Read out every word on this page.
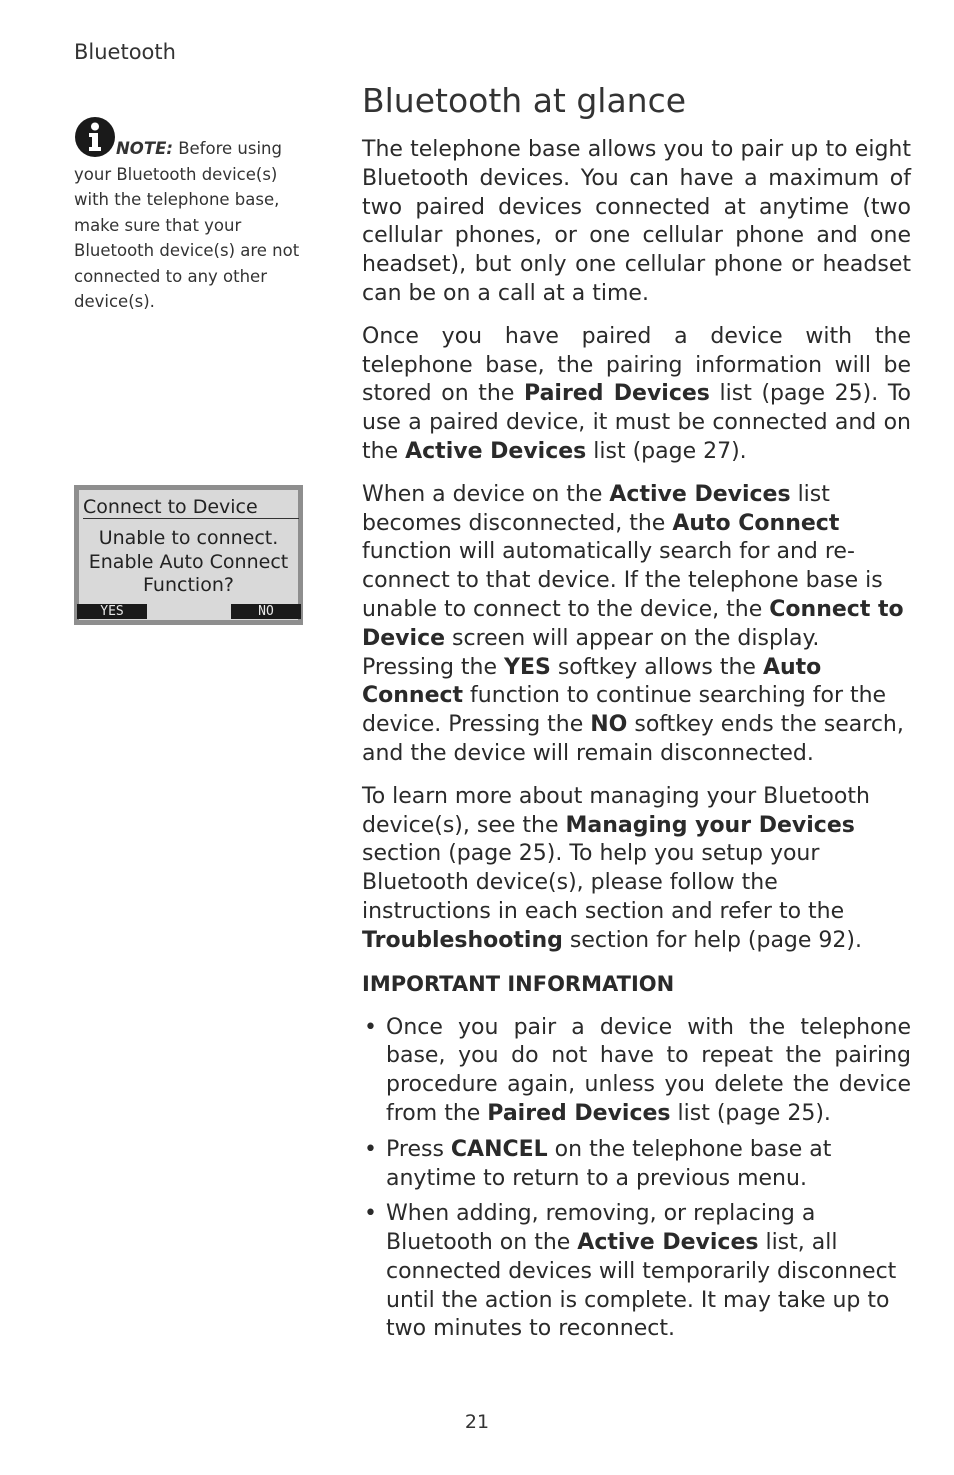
Bluetooth
NOTE: Before using
your Bluetooth device(s) with the telephone base, make sure that your Bluetooth device(s) are not connected to any other device(s).
Connect to Device
Unable to connect.
Enable Auto Connect
Function?
YES	NO
Bluetooth at glance

The telephone base allows you to pair up to eight Bluetooth devices. You can have a maximum of two paired devices connected at anytime (two cellular phones, or one cellular phone and one headset), but only one cellular phone or headset can be on a call at a time.

Once you have paired a device with the telephone base, the pairing information will be stored on the Paired Devices list (page 25). To use a paired device, it must be connected and on the Active Devices list (page 27).

When a device on the Active Devices list becomes disconnected, the Auto Connect function will automatically search for and re-connect to that device. If the telephone base is unable to connect to the device, the Connect to Device screen will appear on the display. Pressing the YES softkey allows the Auto Connect function to continue searching for the device. Pressing the NO softkey ends the search, and the device will remain disconnected.

To learn more about managing your Bluetooth device(s), see the Managing your Devices section (page 25). To help you setup your Bluetooth device(s), please follow the instructions in each section and refer to the Troubleshooting section for help (page 92).

IMPORTANT INFORMATION
• Once you pair a device with the telephone base, you do not have to repeat the pairing procedure again, unless you delete the device from the Paired Devices list (page 25).
• Press CANCEL on the telephone base at anytime to return to a previous menu.
• When adding, removing, or replacing a Bluetooth on the Active Devices list, all connected devices will temporarily disconnect until the action is complete. It may take up to two minutes to reconnect.
21
